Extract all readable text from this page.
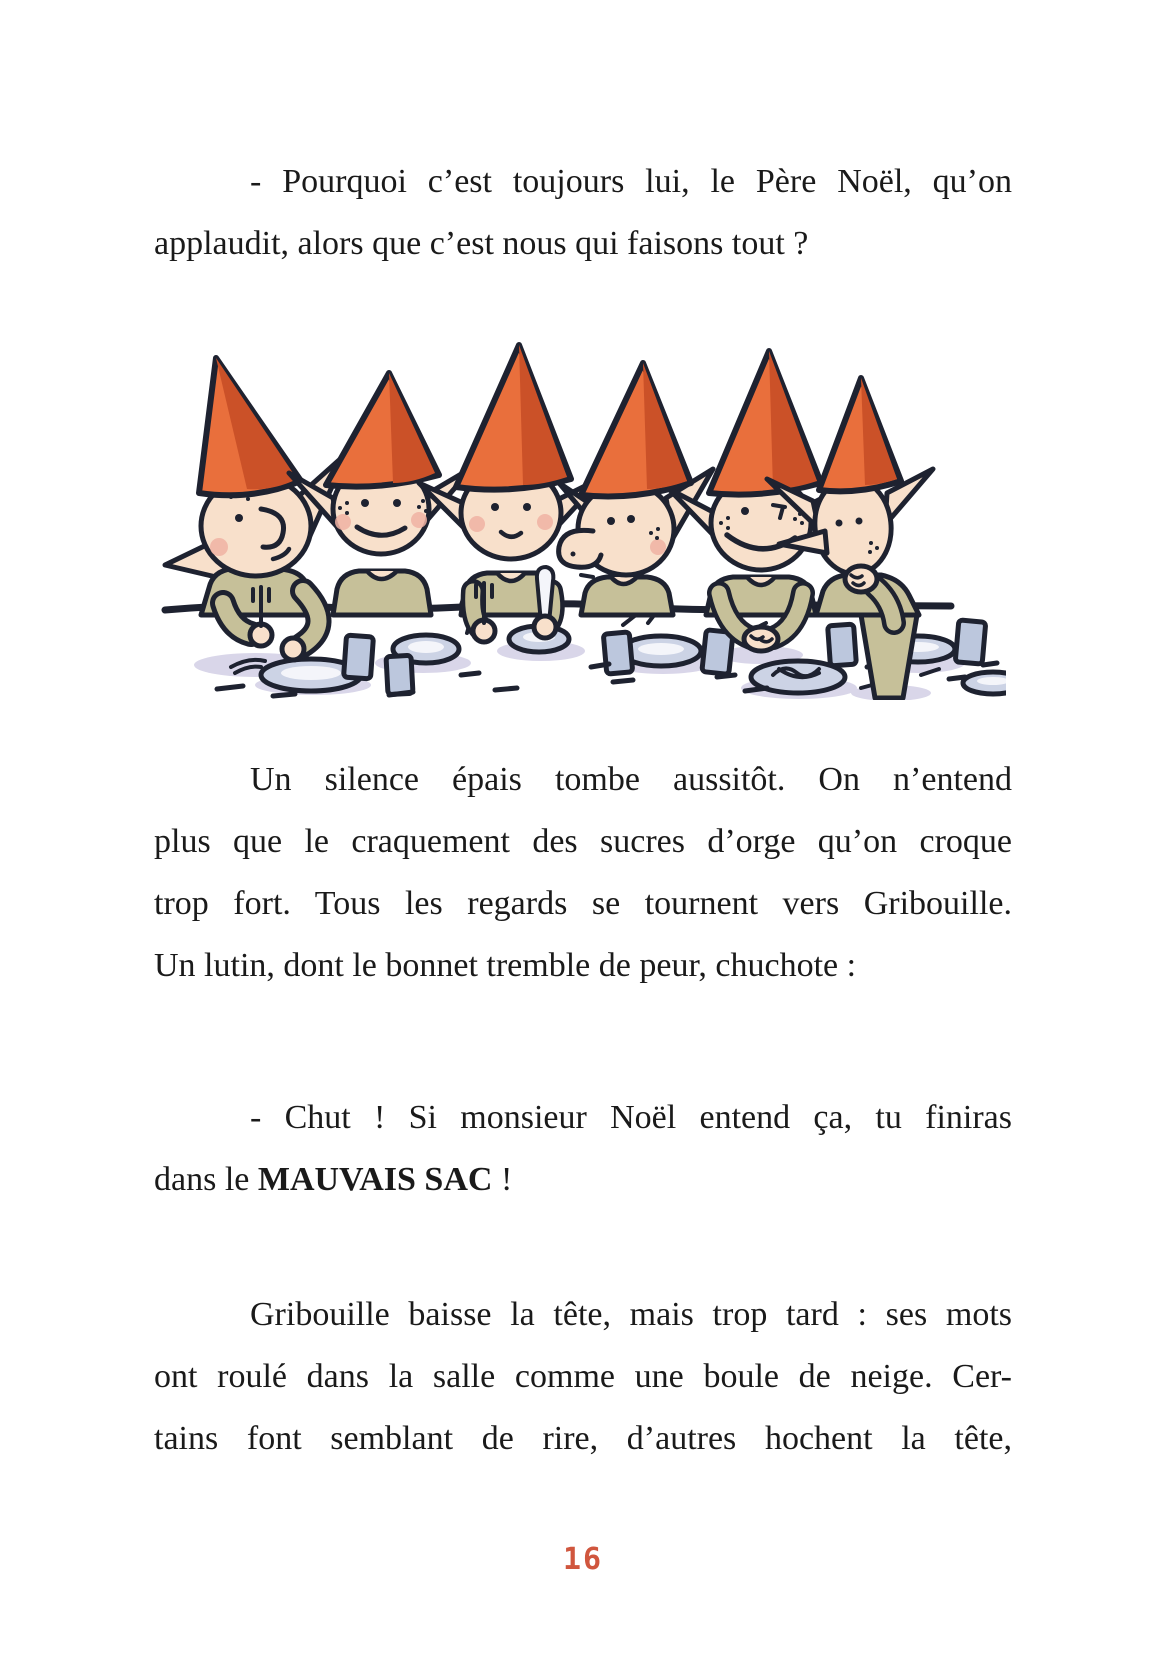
- Pourquoi c’est toujours lui, le Père Noël, qu’on
applaudit, alors que c’est nous qui faisons tout ?
Un silence épais tombe aussitôt. On n’entend
plus que le craquement des sucres d’orge qu’on croque
trop fort. Tous les regards se tournent vers Gribouille.
Un lutin, dont le bonnet tremble de peur, chuchote :
- Chut ! Si monsieur Noël entend ça, tu finiras
dans le MAUVAIS SAC !
Gribouille baisse la tête, mais trop tard : ses mots
ont roulé dans la salle comme une boule de neige. Cer-
tains font semblant de rire, d’autres hochent la tête,
16
